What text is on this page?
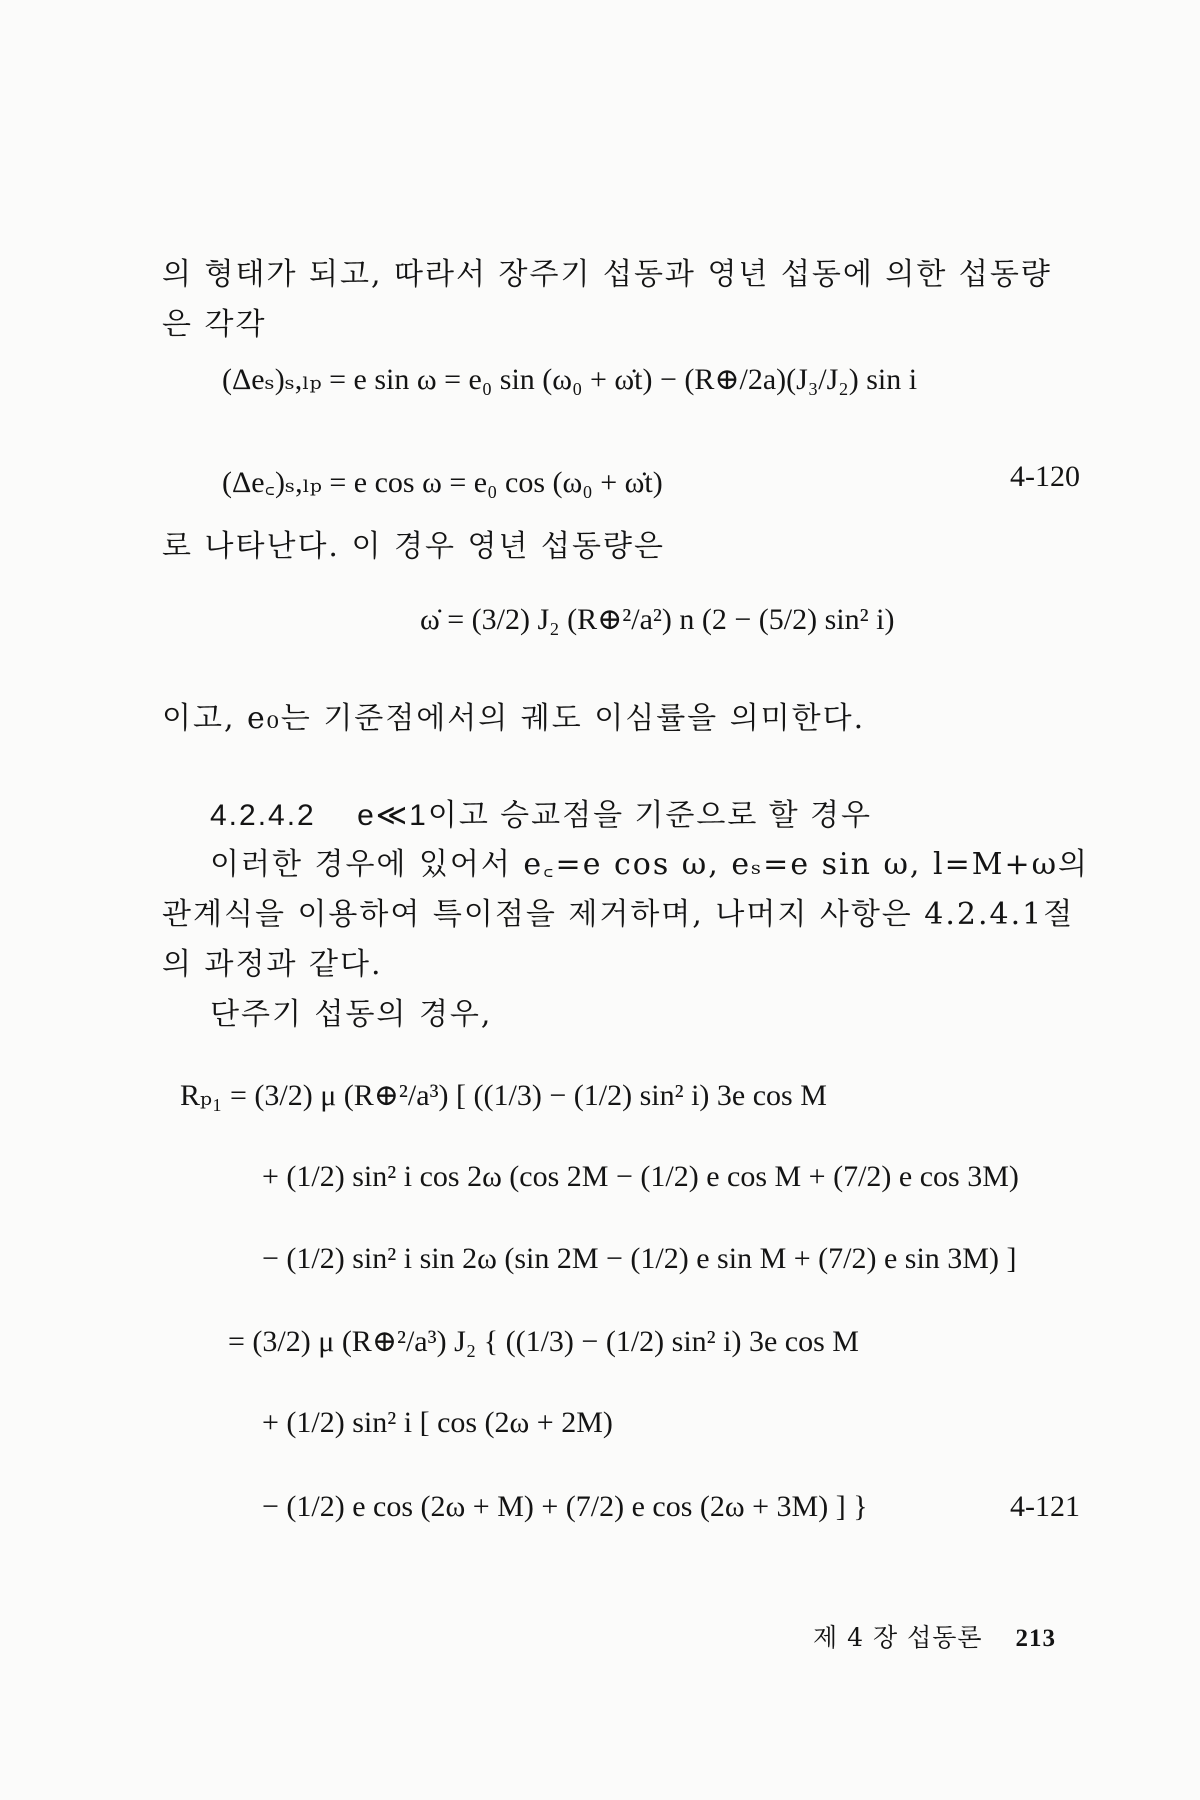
의 형태가 되고, 따라서 장주기 섭동과 영년 섭동에 의한 섭동량
은 각각
(Δeₛ)ₛ,ₗₚ = e sin ω = e₀ sin (ω₀ + ω̇t) − (R⊕/2a)(J₃/J₂) sin i
(Δe꜀)ₛ,ₗₚ = e cos ω = e₀ cos (ω₀ + ω̇t)	4-120
로 나타난다. 이 경우 영년 섭동량은
ω̇ = (3/2) J₂ (R⊕²/a²) n (2 − (5/2) sin² i)
이고, e₀는 기준점에서의 궤도 이심률을 의미한다.
4.2.4.2 e≪1이고 승교점을 기준으로 할 경우
이러한 경우에 있어서 e꜀=e cos ω, eₛ=e sin ω, l=M+ω의
관계식을 이용하여 특이점을 제거하며, 나머지 사항은 4.2.4.1절
의 과정과 같다.
단주기 섭동의 경우,
Rₚ₁ = (3/2) μ (R⊕²/a³) [ ((1/3) − (1/2) sin² i) 3e cos M
+ (1/2) sin² i cos 2ω (cos 2M − (1/2) e cos M + (7/2) e cos 3M)
− (1/2) sin² i sin 2ω (sin 2M − (1/2) e sin M + (7/2) e sin 3M) ]
= (3/2) μ (R⊕²/a³) J₂ { ((1/3) − (1/2) sin² i) 3e cos M
+ (1/2) sin² i [ cos (2ω + 2M)
− (1/2) e cos (2ω + M) + (7/2) e cos (2ω + 3M) ] }	4-121
제 4 장 섭동론 213
